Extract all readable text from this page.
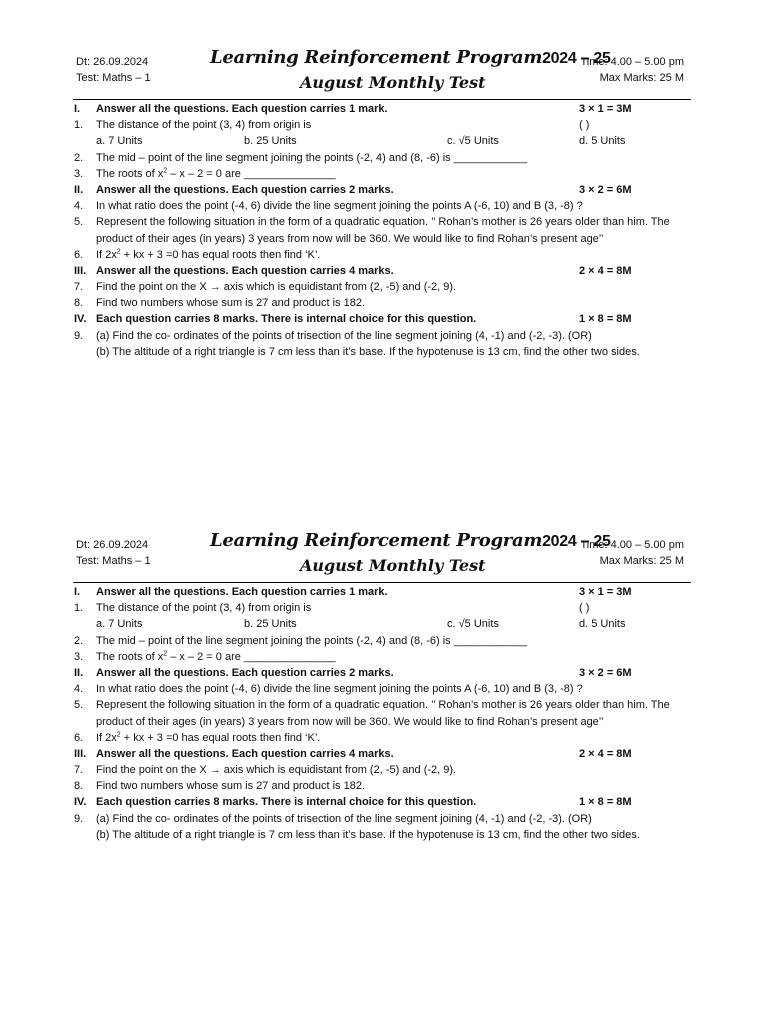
Dt: 26.09.2024
Test: Maths – 1
Learning Reinforcement Program2024 – 25
August Monthly Test
Time: 4.00 – 5.00 pm
Max Marks: 25 M
I.	Answer all the questions. Each question carries 1 mark.	3 × 1 = 3M
1.	The distance of the point (3, 4) from origin is	( )
a. 7 Units	b. 25 Units	c. √5 Units	d. 5 Units
2.	The mid – point of the line segment joining the points (-2, 4) and (8, -6) is ____________
3.	The roots of $x^2 - x - 2 = 0$ are _______________
II.	Answer all the questions. Each question carries 2 marks.	3 × 2 = 6M
4.	In what ratio does the point (-4, 6) divide the line segment joining the points A (-6, 10) and B (3, -8) ?
5.	Represent the following situation in the form of a quadratic equation. ’’ Rohan’s mother is 26 years older than him. The product of their ages (in years) 3 years from now will be 360. We would like to find Rohan’s present age’’
6.	If $2x^2$ + kx + 3 =0 has equal roots then find ‘K’.
III. Answer all the questions. Each question carries 4 marks.	2 × 4 = 8M
7.	Find the point on the X → axis which is equidistant from (2, -5) and (-2, 9).
8.	Find two numbers whose sum is 27 and product is 182.
IV. Each question carries 8 marks. There is internal choice for this question.	1 × 8 = 8M
9.	(a) Find the co- ordinates of the points of trisection of the line segment joining (4, -1) and (-2, -3). (OR)
(b) The altitude of a right triangle is 7 cm less than it’s base. If the hypotenuse is 13 cm, find the other two sides.
Dt: 26.09.2024
Test: Maths – 1
Learning Reinforcement Program2024 – 25
August Monthly Test
Time: 4.00 – 5.00 pm
Max Marks: 25 M
I.	Answer all the questions. Each question carries 1 mark.	3 × 1 = 3M
1.	The distance of the point (3, 4) from origin is	( )
a. 7 Units	b. 25 Units	c. √5 Units	d. 5 Units
2.	The mid – point of the line segment joining the points (-2, 4) and (8, -6) is ____________
3.	The roots of $x^2 - x - 2 = 0$ are _______________
II.	Answer all the questions. Each question carries 2 marks.	3 × 2 = 6M
4.	In what ratio does the point (-4, 6) divide the line segment joining the points A (-6, 10) and B (3, -8) ?
5.	Represent the following situation in the form of a quadratic equation. ’’ Rohan’s mother is 26 years older than him. The product of their ages (in years) 3 years from now will be 360. We would like to find Rohan’s present age’’
6.	If $2x^2$ + kx + 3 =0 has equal roots then find ‘K’.
III. Answer all the questions. Each question carries 4 marks.	2 × 4 = 8M
7.	Find the point on the X → axis which is equidistant from (2, -5) and (-2, 9).
8.	Find two numbers whose sum is 27 and product is 182.
IV. Each question carries 8 marks. There is internal choice for this question.	1 × 8 = 8M
9.	(a) Find the co- ordinates of the points of trisection of the line segment joining (4, -1) and (-2, -3). (OR)
(b) The altitude of a right triangle is 7 cm less than it’s base. If the hypotenuse is 13 cm, find the other two sides.
